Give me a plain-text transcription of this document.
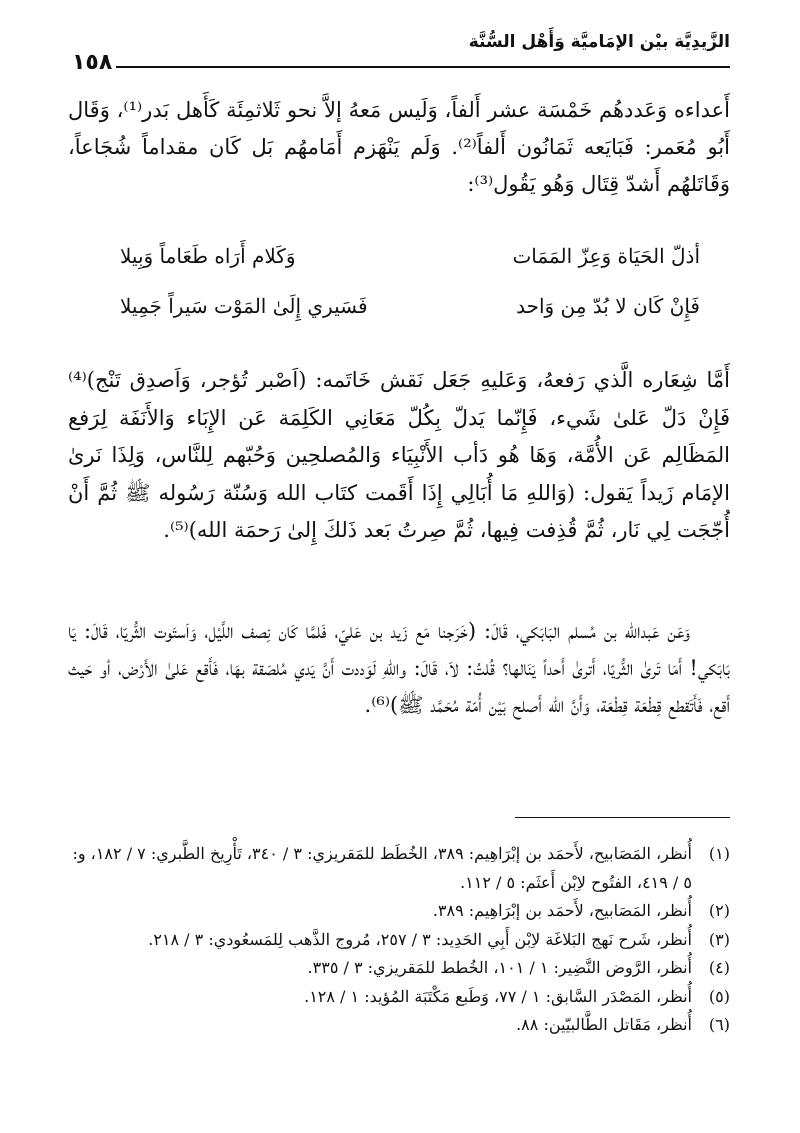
الزَّيدِيَّة بيْن الإمَاميَّة وَأَهْل السُّنَّة
١٥٨

أَعداءه وَعَددهُم خَمْسَة عشر أَلفاً، وَلَيس مَعهُ إلاَّ نحو ثَلاثمِئَة كَأَهل بَدر⁽¹⁾، وَقَال أَبُو مُعَمر: فَبَايَعه ثَمَانُون أَلفاً⁽²⁾. وَلَم يَنْهَزم أَمَامهُم بَل كَان مقداماً شُجَاعاً، وَقَاتَلهُم أَشدّ قِتَال وَهُو يَقُول⁽³⁾:

أذلّ الحَيَاة وَعِزّ المَمَات
وَكَلام أَرَاه طَعَاماً وَبِيلا
فَإِنْ كَان لا بُدّ مِن وَاحد
فَسَيري إِلَىٰ المَوْت سَيراً جَمِيلا

أَمَّا شِعَاره الَّذي رَفعهُ، وَعَليهِ جَعَل نَقش خَاتَمه: (اَصْبر تُؤجر، وَاَصدِق تَنْج)⁽⁴⁾ فَإِنْ دَلّ عَلىٰ شَيء، فَإِنّما يَدلّ بِكُلّ مَعَانِي الكَلِمَة عَن الإِبَاء وَالأَنَفَة لِرَفع المَظَالِم عَن الأُمَّة، وَهَا هُو دَأب الأَنْبِيَاء وَالمُصلحِين وَحُبّهم لِلنَّاس، وَلِذَا نَرىٰ الإمَام زَيداً يَقول: (وَاللهِ مَا أُبَالِي إِذَا أَقَمت كتَاب الله وَسُنّة رَسُوله ﷺ ثُمَّ أَنْ أُجّجَت لِي نَار، ثُمَّ قُذِفت فِيها، ثُمَّ صِرتُ بَعد ذَلكَ إِلىٰ رَحمَة الله)⁽⁵⁾.

وَعَن عَبدالله بن مُسلم البَابَكي، قَالَ: (خَرَجنا مَع زَيد بن عَليّ، فَلمَّا كَان نِصف اللَّيْل، وَاَستَوت الثُّريّا، قَالَ: يَا بَابَكي! أَمَا تَرىٰ الثُّريّا، أَترىٰ أَحداً يَنَالها؟ قُلتُ: لاَ، قَالَ: واللهِ لَوَددت أَنَّ يَدي مُلصَقة بهَا، فَأَقع عَلىٰ الأَرْض، أو حَيث أَقع، فَأَتَقطع قِطْعَة قِطْعَة، وَأَنَّ الله أَصلح بَيْن أُمّة مُحَمَّد ﷺ)⁽⁶⁾.

(١)
أُنظر، المَصَابيح، لأَحمَد بن إبْرَاهِيم: ٣٨٩، الخُطَط للمَقريزي: ٣ / ٣٤٠، تَأْرِيخ الطَّبري: ٧ / ١٨٢، و: ٥ / ٤١٩، الفتُوح لاِبْن أَعثَم: ٥ / ١١٢.
(٢)
أُنظر، المَصَابيح، لأَحمَد بن إبْرَاهِيم: ٣٨٩.
(٣)
أُنظر، شَرح نَهج البَلاغَة لاِبْن أَبِي الحَدِيد: ٣ / ٢٥٧، مُروج الذَّهب لِلمَسعُودي: ٣ / ٢١٨.
(٤)
أُنظر، الرَّوض النَّضِير: ١ / ١٠١، الخُطط للمَقريزي: ٣ / ٣٣٥.
(٥)
أُنظر، المَصْدَر السَّابق: ١ / ٧٧، وَطَبع مَكْتَبَة المُؤيد: ١ / ١٢٨.
(٦)
أُنظر، مَقَاتل الطَّالبيّين: ٨٨.
